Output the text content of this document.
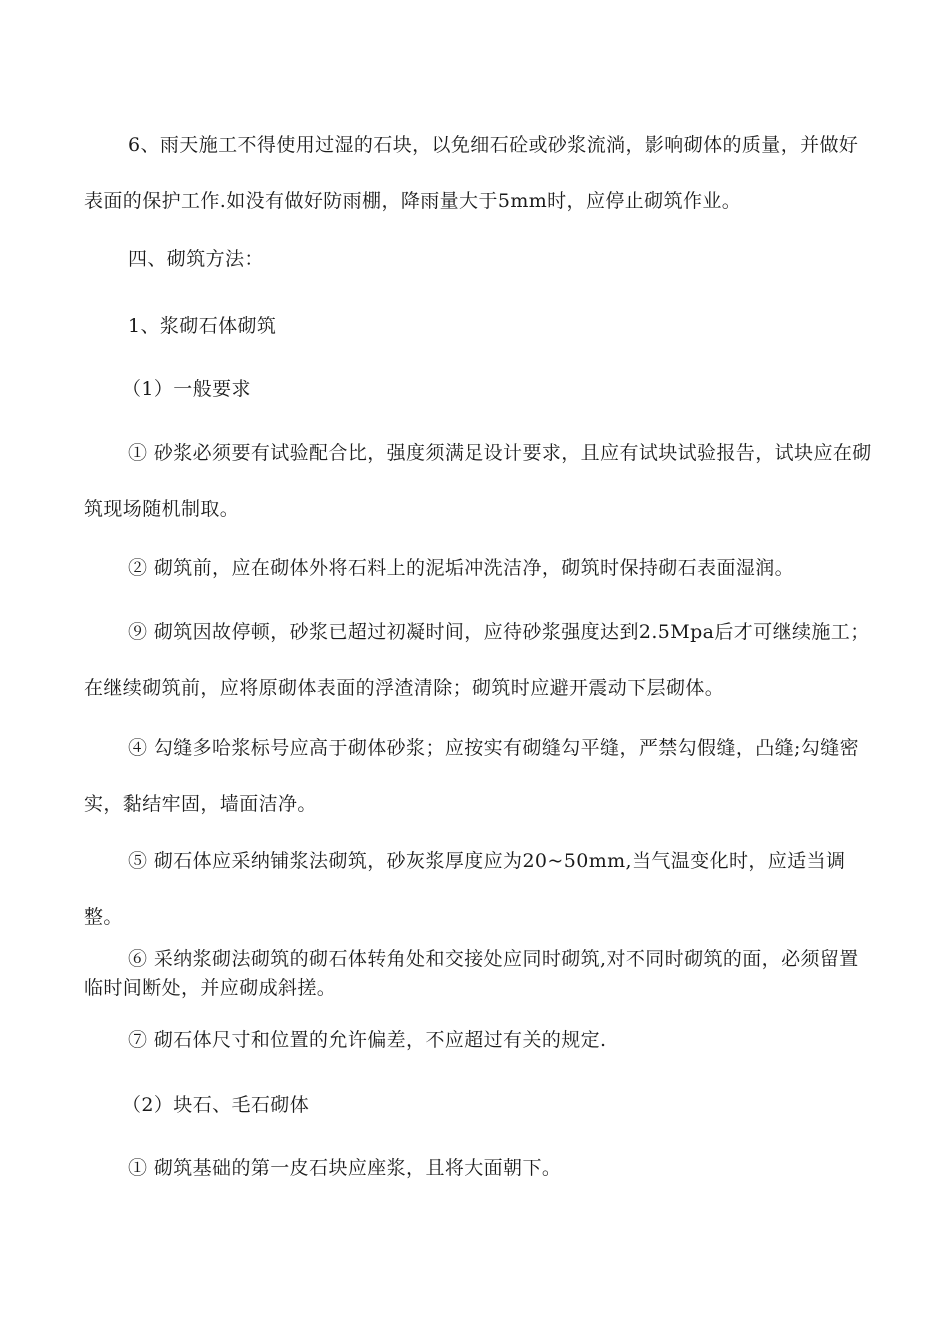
6、雨天施工不得使用过湿的石块，以免细石砼或砂浆流淌，影响砌体的质量，并做好表面的保护工作.如没有做好防雨棚，降雨量大于5mm时，应停止砌筑作业。

四、砌筑方法：

1、浆砌石体砌筑

（1）一般要求

① 砂浆必须要有试验配合比，强度须满足设计要求，且应有试块试验报告，试块应在砌筑现场随机制取。

② 砌筑前，应在砌体外将石料上的泥垢冲洗洁净，砌筑时保持砌石表面湿润。

⑨ 砌筑因故停顿，砂浆已超过初凝时间，应待砂浆强度达到2.5Mpa后才可继续施工；在继续砌筑前，应将原砌体表面的浮渣清除；砌筑时应避开震动下层砌体。

④ 勾缝多哈浆标号应高于砌体砂浆；应按实有砌缝勾平缝，严禁勾假缝，凸缝;勾缝密实，黏结牢固，墙面洁净。

⑤ 砌石体应采纳铺浆法砌筑，砂灰浆厚度应为20~50mm,当气温变化时，应适当调整。

⑥ 采纳浆砌法砌筑的砌石体转角处和交接处应同时砌筑,对不同时砌筑的面，必须留置临时间断处，并应砌成斜搓。

⑦ 砌石体尺寸和位置的允许偏差，不应超过有关的规定.

（2）块石、毛石砌体

① 砌筑基础的第一皮石块应座浆，且将大面朝下。
